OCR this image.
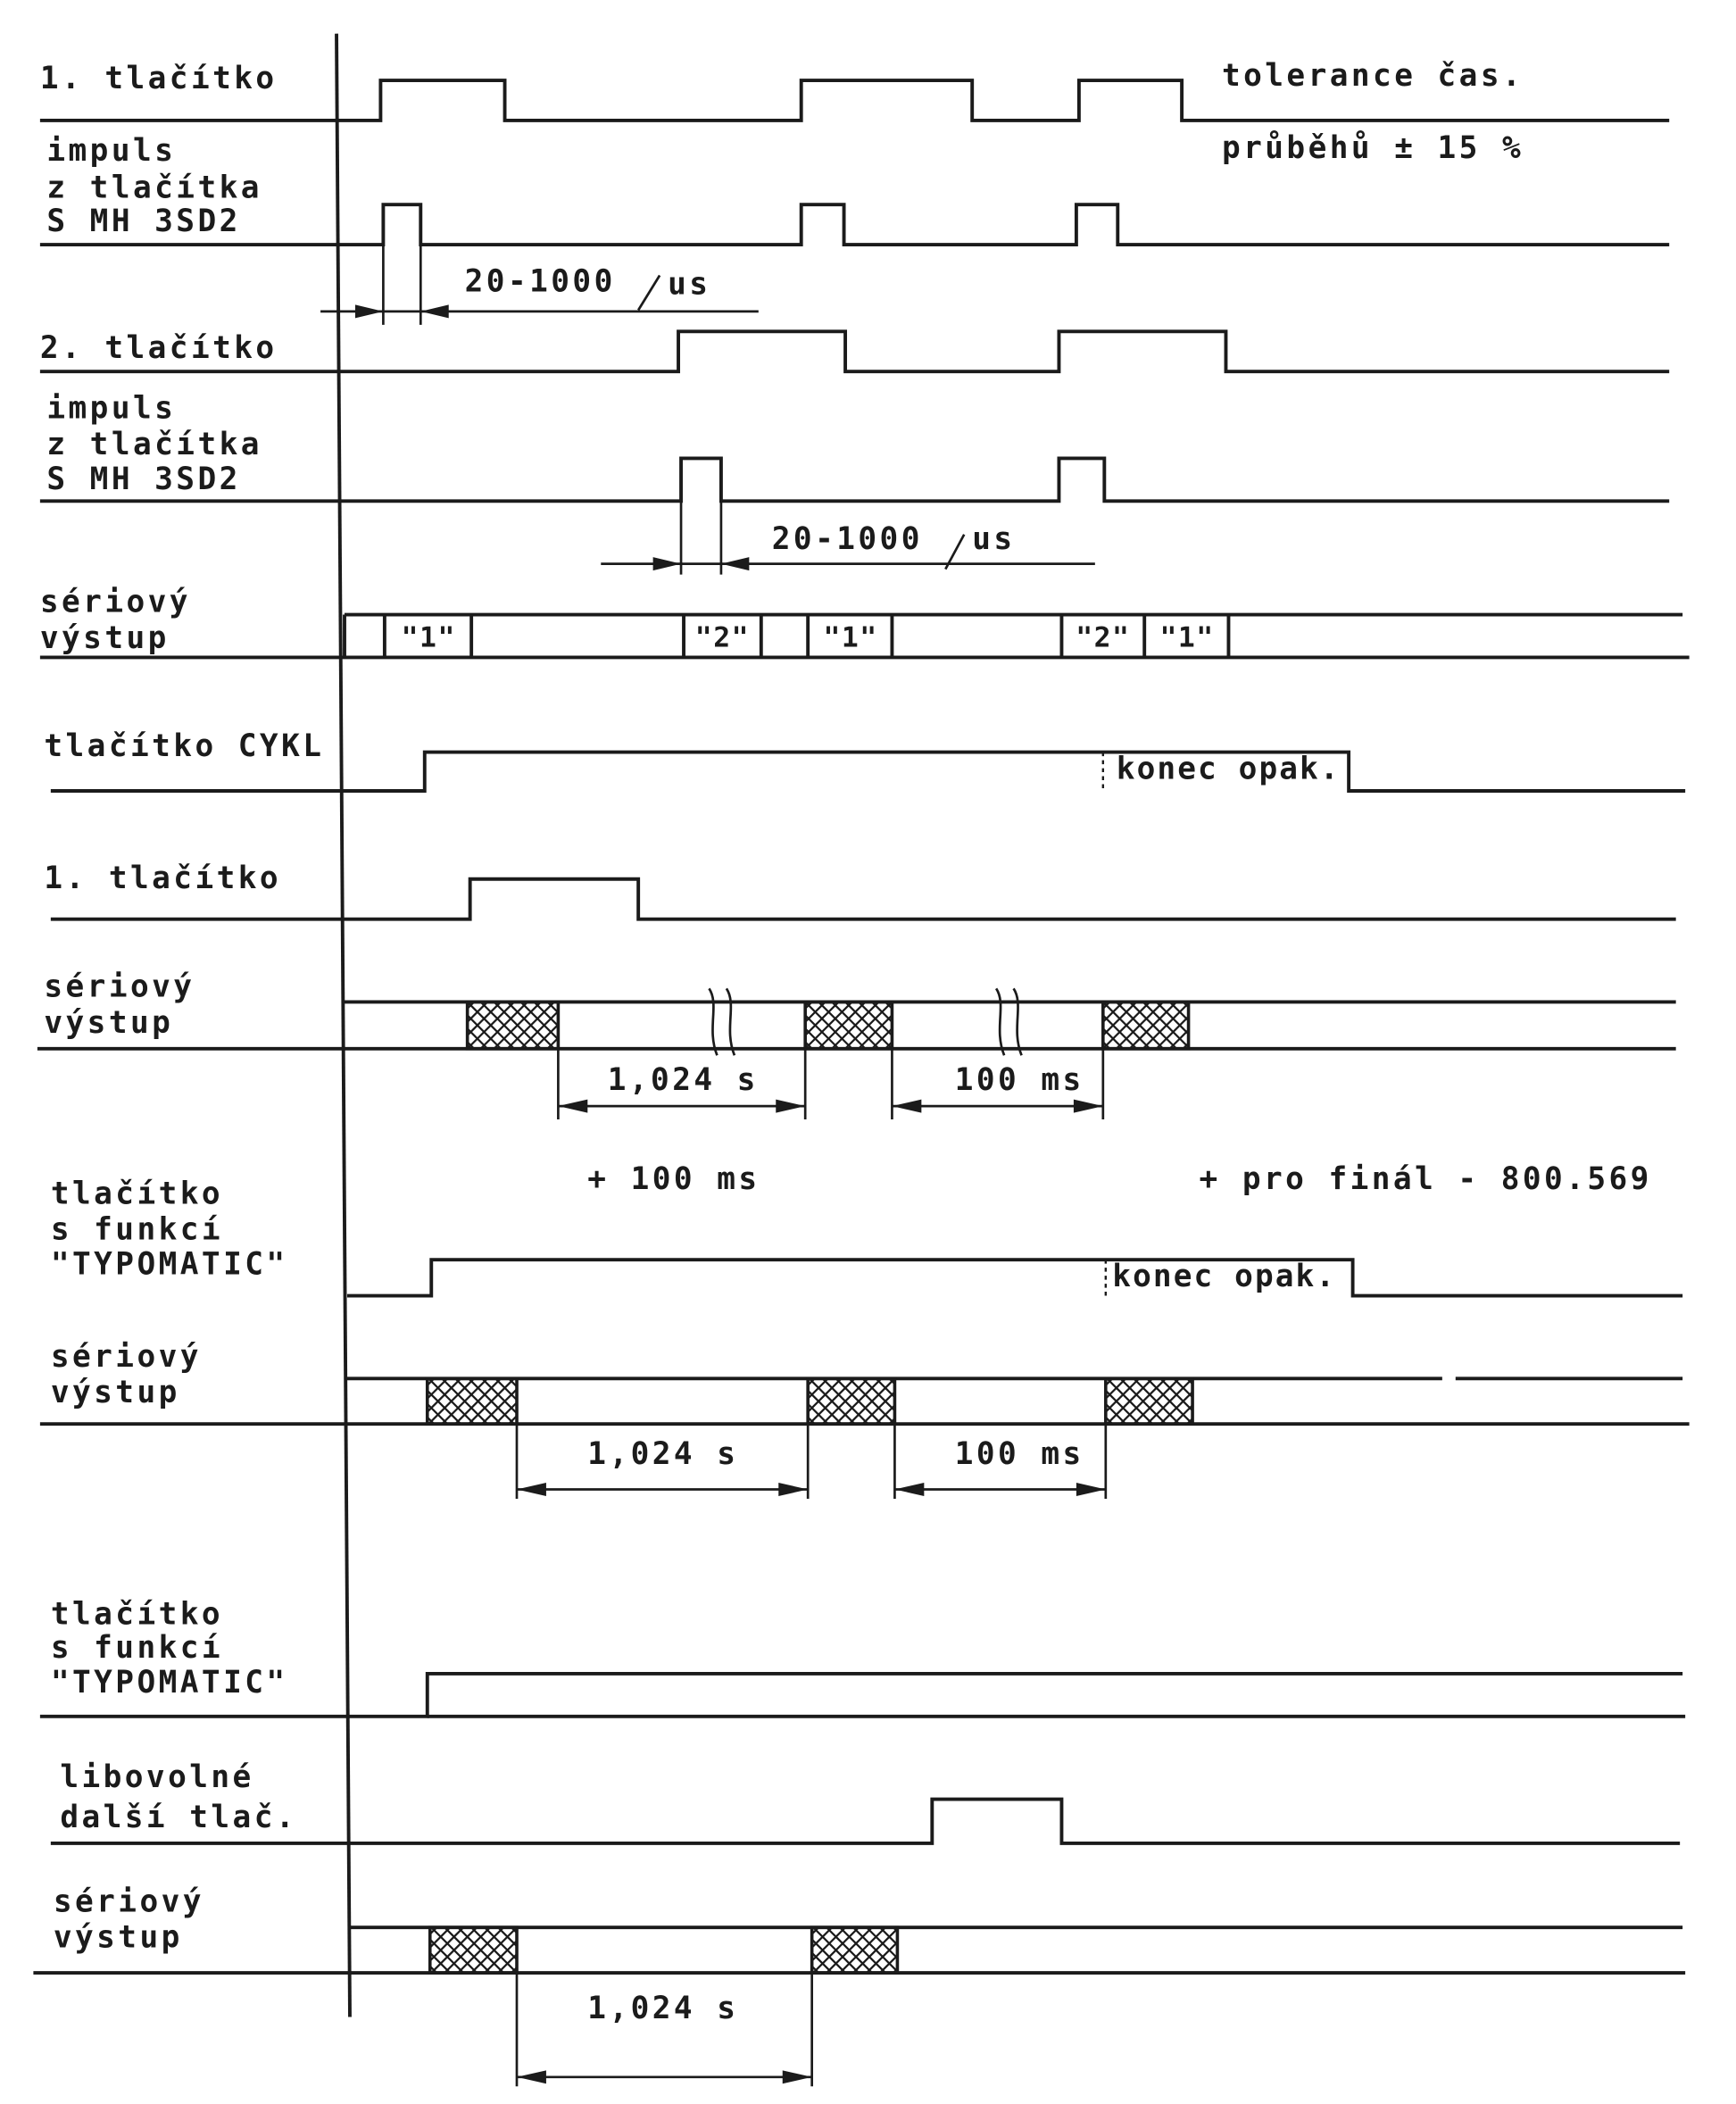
tolerance čas.
průběhů ± 15 %
1. tlačítko
impuls
z tlačítka
S MH 3SD2
20-1000	us
2. tlačítko
impuls
z tlačítka
S MH 3SD2
20-1000 us
sériový
výstup	"1"	"2"	"1"	"2" "1"
tlačítko CYKL
konec opak.
1. tlačítko
sériový
výstup
1,024 s	100 ms
+ 100 ms	+ pro finál - 800.569
tlačítko
s funkcí
"TYPOMATIC"	konec opak.
sériový
výstup
1,024 s	100 ms
tlačítko
s funkcí
"TYPOMATIC"
libovolné
další tlač.
sériový
výstup
1,024 s
